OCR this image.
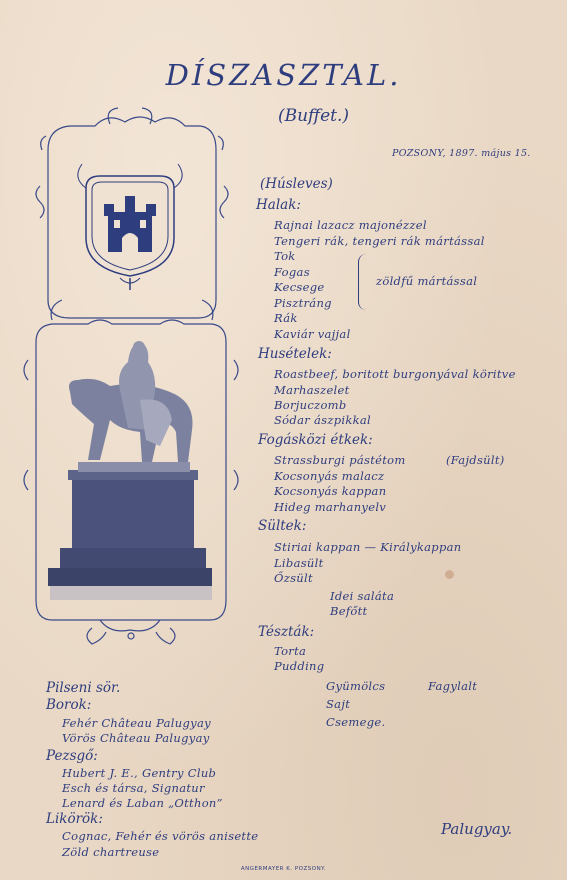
DÍSZASZTAL.
(Buffet.)
POZSONY, 1897. május 15.
(Húsleves)
Halak:
Rajnai lazacz majonézzel
Tengeri rák, tengeri rák mártással
Tok
Fogas
Kecsege
Pisztráng
Rák
Kaviár vajjal
zöldfű mártással
Husételek:
Roastbeef, boritott burgonyával köritve
Marhaszelet
Borjuczomb
Sódar ászpikkal
Fogásközi étkek:
Strassburgi pástétom	(Fajdsült)
Kocsonyás malacz
Kocsonyás kappan
Hideg marhanyelv
Sültek:
Stiriai kappan — Királykappan
Libasült
Őzsült
Idei saláta
Befőtt
Tészták:
Torta
Pudding
Gyümölcs	Fagylalt
Sajt
Csemege.
Pilseni sör.
Borok:
Fehér Château Palugyay
Vörös Château Palugyay
Pezsgő:
Hubert J. E., Gentry Club
Esch és társa, Signatur
Lenard és Laban „Otthon”
Likörök:
Cognac, Fehér és vörös anisette
Zöld chartreuse
Palugyay.
ANGERMAYER K. POZSONY.
